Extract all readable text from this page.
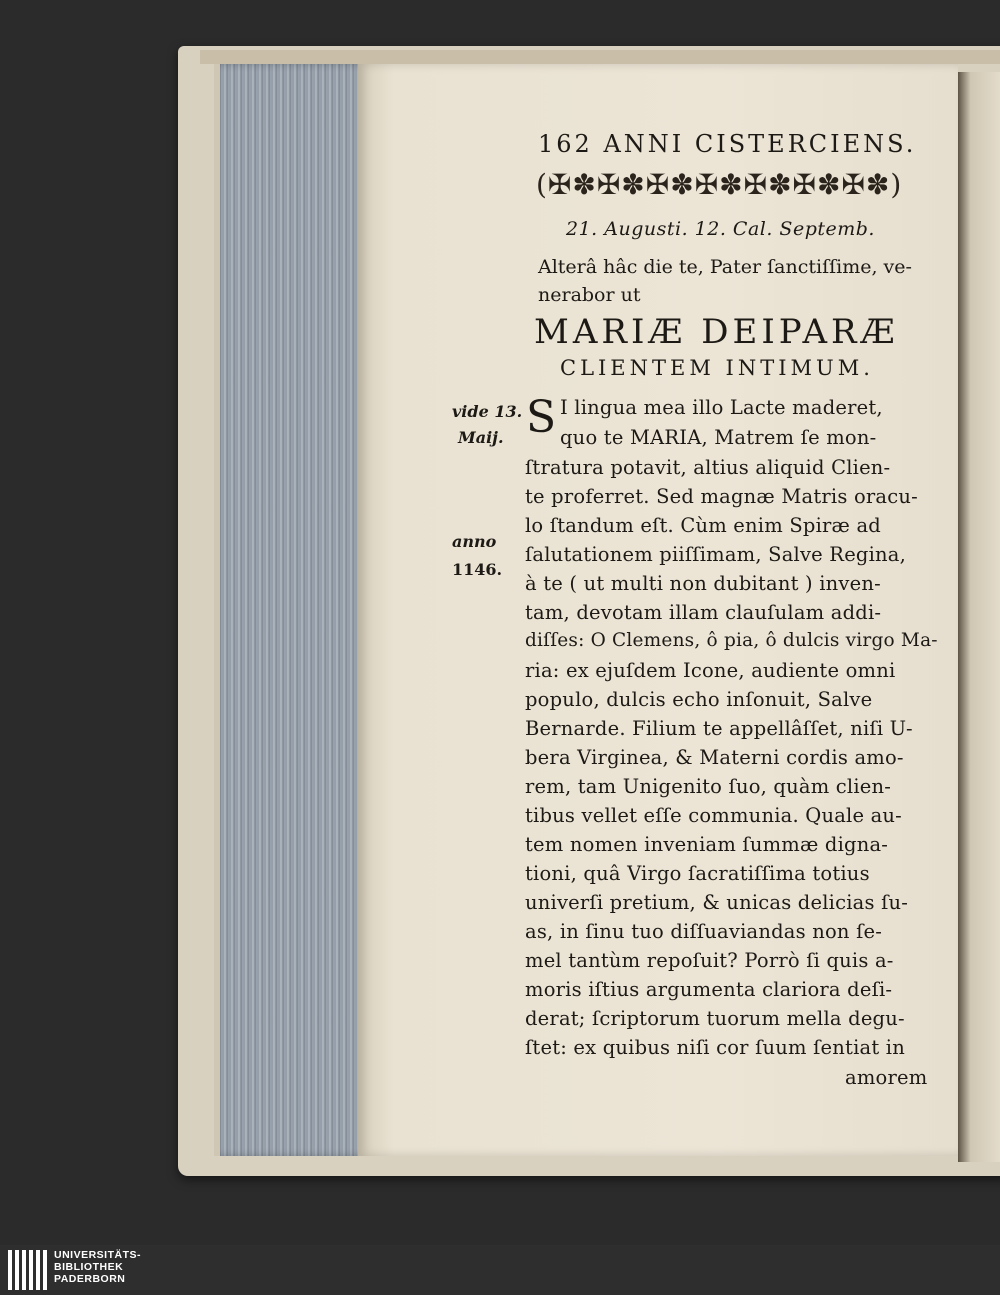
162 ANNI CISTERCIENS.
(✠✽✠✽✠✽✠✽✠✽✠✽✠✽)
21. Augusti. 12. Cal. Septemb.
Alterâ hâc die te, Pater ſanctiſſime, ve-
nerabor ut
MARIÆ DEIPARÆ
CLIENTEM INTIMUM.
S I lingua mea illo Lacte maderet,
quo te MARIA, Matrem ſe mon-
ſtratura potavit, altius aliquid Clien-
te proferret. Sed magnæ Matris oracu-
lo ſtandum eſt. Cùm enim Spiræ ad
ſalutationem piiſſimam, Salve Regina,
à te ( ut multi non dubitant ) inven-
tam, devotam illam clauſulam addi-
diſſes: O Clemens, ô pia, ô dulcis virgo Ma-
ria: ex ejuſdem Icone, audiente omni
populo, dulcis echo inſonuit, Salve
Bernarde. Filium te appellâſſet, niſi U-
bera Virginea, & Materni cordis amo-
rem, tam Unigenito ſuo, quàm clien-
tibus vellet eſſe communia. Quale au-
tem nomen inveniam ſummæ digna-
tioni, quâ Virgo ſacratiſſima totius
univerſi pretium, & unicas delicias ſu-
as, in ſinu tuo diſſuaviandas non ſe-
mel tantùm repoſuit? Porrò ſi quis a-
moris iſtius argumenta clariora deſi-
derat; ſcriptorum tuorum mella degu-
ſtet: ex quibus niſi cor ſuum ſentiat in
amorem
vide 13.
Maij.
anno
1146.
UNIVERSITÄTS-
BIBLIOTHEK
PADERBORN
